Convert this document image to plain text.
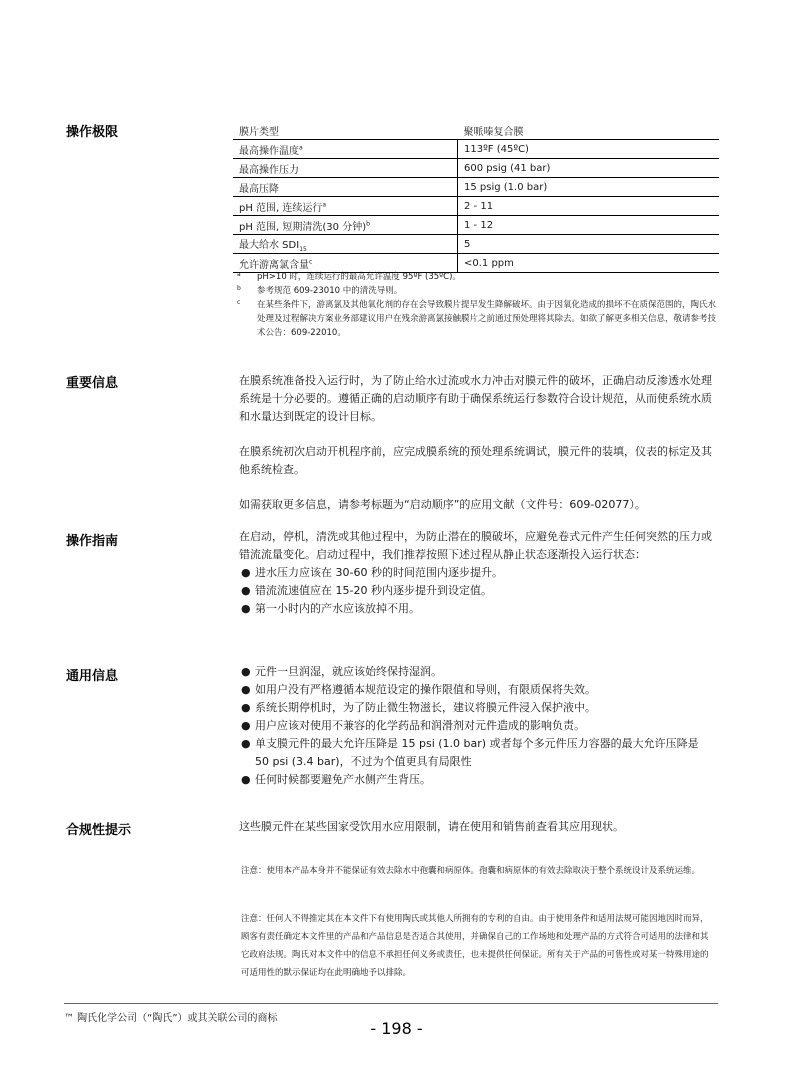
操作极限	膜片类型	聚哌嗪复合膜
最高操作温度$^a$	113ºF (45ºC)
最高操作压力	600 psig (41 bar)
最高压降	15 psig (1.0 bar)
pH 范围, 连续运行$^a$	2 - 11
pH 范围, 短期清洗(30 分钟)$^b$	1 - 12
最大给水 $SDI_{15}$	5
允许游离氯含量$^c$	<0.1 ppm
a	pH>10 时，连续运行的最高允许温度 95ºF (35ºC)。
b	参考规范 609-23010 中的清洗导则。
c	在某些条件下，游离氯及其他氧化剂的存在会导致膜片提早发生降解破坏。由于因氧化造成的损坏不在质保范围的，陶氏水处理及过程解决方案业务部建议用户在残余游离氯接触膜片之前通过预处理将其除去。如欲了解更多相关信息，敬请参考技术公告：609-22010。
重要信息	在膜系统准备投入运行时，为了防止给水过流或水力冲击对膜元件的破坏，正确启动反渗透水处理系统是十分必要的。遵循正确的启动顺序有助于确保系统运行参数符合设计规范，从而使系统水质和水量达到既定的设计目标。

在膜系统初次启动开机程序前，应完成膜系统的预处理系统调试，膜元件的装填，仪表的标定及其他系统检查。

如需获取更多信息，请参考标题为“启动顺序”的应用文献（文件号：609-02077）。

操作指南	在启动，停机，清洗或其他过程中，为防止潜在的膜破坏，应避免卷式元件产生任何突然的压力或错流流量变化。启动过程中，我们推荐按照下述过程从静止状态逐渐投入运行状态：

● 进水压力应该在 30-60 秒的时间范围内逐步提升。
● 错流流速值应在 15-20 秒内逐步提升到设定值。
● 第一小时内的产水应该放掉不用。
通用信息	● 元件一旦润湿，就应该始终保持湿润。
● 如用户没有严格遵循本规范设定的操作限值和导则，有限质保将失效。
● 系统长期停机时，为了防止微生物滋长，建议将膜元件浸入保护液中。
● 用户应该对使用不兼容的化学药品和润滑剂对元件造成的影响负责。
● 单支膜元件的最大允许压降是 15 psi (1.0 bar) 或者每个多元件压力容器的最大允许压降是 50 psi (3.4 bar)，不过为个值更具有局限性
● 任何时候都要避免产水侧产生背压。
合规性提示	这些膜元件在某些国家受饮用水应用限制，请在使用和销售前查看其应用现状。

注意：使用本产品本身并不能保证有效去除水中孢囊和病原体。孢囊和病原体的有效去除取决于整个系统设计及系统运维。

注意：任何人不得推定其在本文件下有使用陶氏或其他人所拥有的专利的自由。由于使用条件和适用法规可能因地因时而异，顾客有责任确定本文件里的产品和产品信息是否适合其使用，并确保自己的工作场地和处理产品的方式符合可适用的法律和其它政府法规。陶氏对本文件中的信息不承担任何义务或责任，也未提供任何保证。所有关于产品的可售性或对某一特殊用途的可适用性的默示保证均在此明确地予以排除。

™ 陶氏化学公司（“陶氏”）或其关联公司的商标
- 198 -
